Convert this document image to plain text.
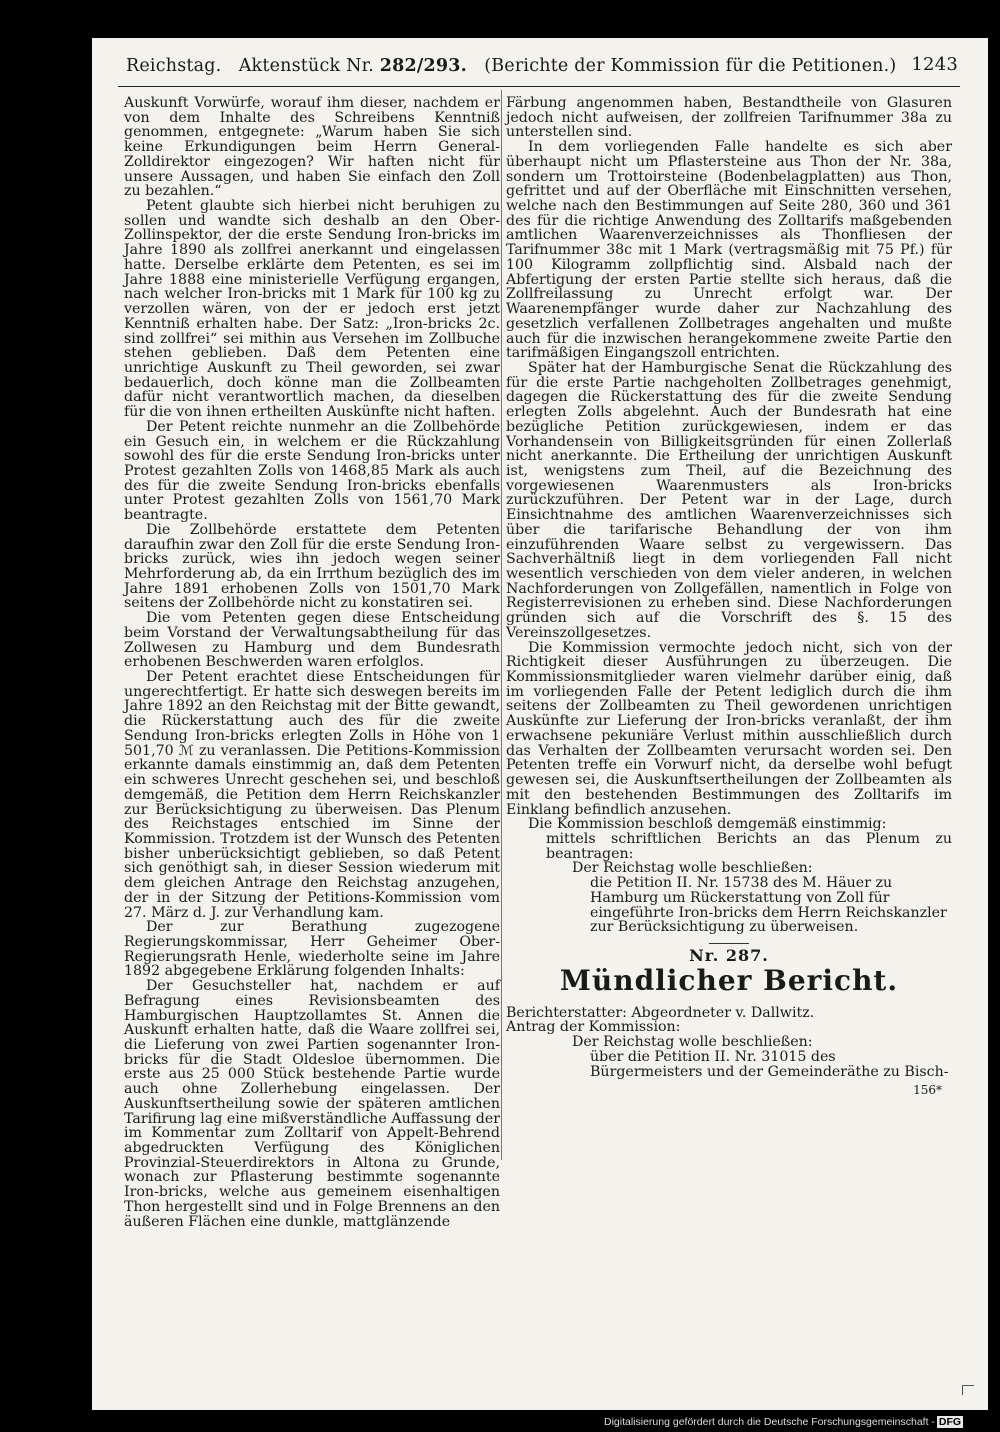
Reichstag. Aktenstück Nr. 282/293. (Berichte der Kommission für die Petitionen.) 1243

Auskunft Vorwürfe, worauf ihm dieser, nachdem er von dem Inhalte des Schreibens Kenntniß genommen, entgegnete: „Warum haben Sie sich keine Erkundigungen beim Herrn General-Zolldirektor eingezogen? Wir haften nicht für unsere Aussagen, und haben Sie einfach den Zoll zu bezahlen.“

Petent glaubte sich hierbei nicht beruhigen zu sollen und wandte sich deshalb an den Ober-Zollinspektor, der die erste Sendung Iron-bricks im Jahre 1890 als zollfrei anerkannt und eingelassen hatte. Derselbe erklärte dem Petenten, es sei im Jahre 1888 eine ministerielle Verfügung ergangen, nach welcher Iron-bricks mit 1 Mark für 100 kg zu verzollen wären, von der er jedoch erst jetzt Kenntniß erhalten habe. Der Satz: „Iron-bricks 2c. sind zollfrei“ sei mithin aus Versehen im Zollbuche stehen geblieben. Daß dem Petenten eine unrichtige Auskunft zu Theil geworden, sei zwar bedauerlich, doch könne man die Zollbeamten dafür nicht verantwortlich machen, da dieselben für die von ihnen ertheilten Auskünfte nicht haften.

Der Petent reichte nunmehr an die Zollbehörde ein Gesuch ein, in welchem er die Rückzahlung sowohl des für die erste Sendung Iron-bricks unter Protest gezahlten Zolls von 1468,85 Mark als auch des für die zweite Sendung Iron-bricks ebenfalls unter Protest gezahlten Zolls von 1561,70 Mark beantragte.

Die Zollbehörde erstattete dem Petenten daraufhin zwar den Zoll für die erste Sendung Iron-bricks zurück, wies ihn jedoch wegen seiner Mehrforderung ab, da ein Irrthum bezüglich des im Jahre 1891 erhobenen Zolls von 1501,70 Mark seitens der Zollbehörde nicht zu konstatiren sei.

Die vom Petenten gegen diese Entscheidung beim Vorstand der Verwaltungsabtheilung für das Zollwesen zu Hamburg und dem Bundesrath erhobenen Beschwerden waren erfolglos.

Der Petent erachtet diese Entscheidungen für ungerechtfertigt. Er hatte sich deswegen bereits im Jahre 1892 an den Reichstag mit der Bitte gewandt, die Rückerstattung auch des für die zweite Sendung Iron-bricks erlegten Zolls in Höhe von 1 501,70 ℳ zu veranlassen. Die Petitions-Kommission erkannte damals einstimmig an, daß dem Petenten ein schweres Unrecht geschehen sei, und beschloß demgemäß, die Petition dem Herrn Reichskanzler zur Berücksichtigung zu überweisen. Das Plenum des Reichstages entschied im Sinne der Kommission. Trotzdem ist der Wunsch des Petenten bisher unberücksichtigt geblieben, so daß Petent sich genöthigt sah, in dieser Session wiederum mit dem gleichen Antrage den Reichstag anzugehen, der in der Sitzung der Petitions-Kommission vom 27. März d. J. zur Verhandlung kam.

Der zur Berathung zugezogene Regierungskommissar, Herr Geheimer Ober-Regierungsrath Henle, wiederholte seine im Jahre 1892 abgegebene Erklärung folgenden Inhalts:

Der Gesuchsteller hat, nachdem er auf Befragung eines Revisionsbeamten des Hamburgischen Hauptzollamtes St. Annen die Auskunft erhalten hatte, daß die Waare zollfrei sei, die Lieferung von zwei Partien sogenannter Iron-bricks für die Stadt Oldesloe übernommen. Die erste aus 25 000 Stück bestehende Partie wurde auch ohne Zollerhebung eingelassen. Der Auskunftsertheilung sowie der späteren amtlichen Tarifirung lag eine mißverständliche Auffassung der im Kommentar zum Zolltarif von Appelt-Behrend abgedruckten Verfügung des Königlichen Provinzial-Steuerdirektors in Altona zu Grunde, wonach zur Pflasterung bestimmte sogenannte Iron-bricks, welche aus gemeinem eisenhaltigen Thon hergestellt sind und in Folge Brennens an den äußeren Flächen eine dunkle, mattglänzende

Färbung angenommen haben, Bestandtheile von Glasuren jedoch nicht aufweisen, der zollfreien Tarifnummer 38a zu unterstellen sind.

In dem vorliegenden Falle handelte es sich aber überhaupt nicht um Pflastersteine aus Thon der Nr. 38a, sondern um Trottoirsteine (Bodenbelagplatten) aus Thon, gefrittet und auf der Oberfläche mit Einschnitten versehen, welche nach den Bestimmungen auf Seite 280, 360 und 361 des für die richtige Anwendung des Zolltarifs maßgebenden amtlichen Waarenverzeichnisses als Thonfliesen der Tarifnummer 38c mit 1 Mark (vertragsmäßig mit 75 Pf.) für 100 Kilogramm zollpflichtig sind. Alsbald nach der Abfertigung der ersten Partie stellte sich heraus, daß die Zollfreilassung zu Unrecht erfolgt war. Der Waarenempfänger wurde daher zur Nachzahlung des gesetzlich verfallenen Zollbetrages angehalten und mußte auch für die inzwischen herangekommene zweite Partie den tarifmäßigen Eingangszoll entrichten.

Später hat der Hamburgische Senat die Rückzahlung des für die erste Partie nachgeholten Zollbetrages genehmigt, dagegen die Rückerstattung des für die zweite Sendung erlegten Zolls abgelehnt. Auch der Bundesrath hat eine bezügliche Petition zurückgewiesen, indem er das Vorhandensein von Billigkeitsgründen für einen Zollerlaß nicht anerkannte. Die Ertheilung der unrichtigen Auskunft ist, wenigstens zum Theil, auf die Bezeichnung des vorgewiesenen Waarenmusters als Iron-bricks zurückzuführen. Der Petent war in der Lage, durch Einsichtnahme des amtlichen Waarenverzeichnisses sich über die tarifarische Behandlung der von ihm einzuführenden Waare selbst zu vergewissern. Das Sachverhältniß liegt in dem vorliegenden Fall nicht wesentlich verschieden von dem vieler anderen, in welchen Nachforderungen von Zollgefällen, namentlich in Folge von Registerrevisionen zu erheben sind. Diese Nachforderungen gründen sich auf die Vorschrift des §. 15 des Vereinszollgesetzes.

Die Kommission vermochte jedoch nicht, sich von der Richtigkeit dieser Ausführungen zu überzeugen. Die Kommissionsmitglieder waren vielmehr darüber einig, daß im vorliegenden Falle der Petent lediglich durch die ihm seitens der Zollbeamten zu Theil gewordenen unrichtigen Auskünfte zur Lieferung der Iron-bricks veranlaßt, der ihm erwachsene pekuniäre Verlust mithin ausschließlich durch das Verhalten der Zollbeamten verursacht worden sei. Den Petenten treffe ein Vorwurf nicht, da derselbe wohl befugt gewesen sei, die Auskunftsertheilungen der Zollbeamten als mit den bestehenden Bestimmungen des Zolltarifs im Einklang befindlich anzusehen.

Die Kommission beschloß demgemäß einstimmig:

mittels schriftlichen Berichts an das Plenum zu beantragen:

Der Reichstag wolle beschließen:

die Petition II. Nr. 15738 des M. Häuer zu Hamburg um Rückerstattung von Zoll für eingeführte Iron-bricks dem Herrn Reichskanzler zur Berücksichtigung zu überweisen.

Nr. 287.
Mündlicher Bericht.

Berichterstatter: Abgeordneter v. Dallwitz.

Antrag der Kommission:

Der Reichstag wolle beschließen:

über die Petition II. Nr. 31015 des Bürgermeisters und der Gemeinderäthe zu Bisch-

156*
Digitalisierung gefördert durch die Deutsche Forschungsgemeinschaft - DFG
